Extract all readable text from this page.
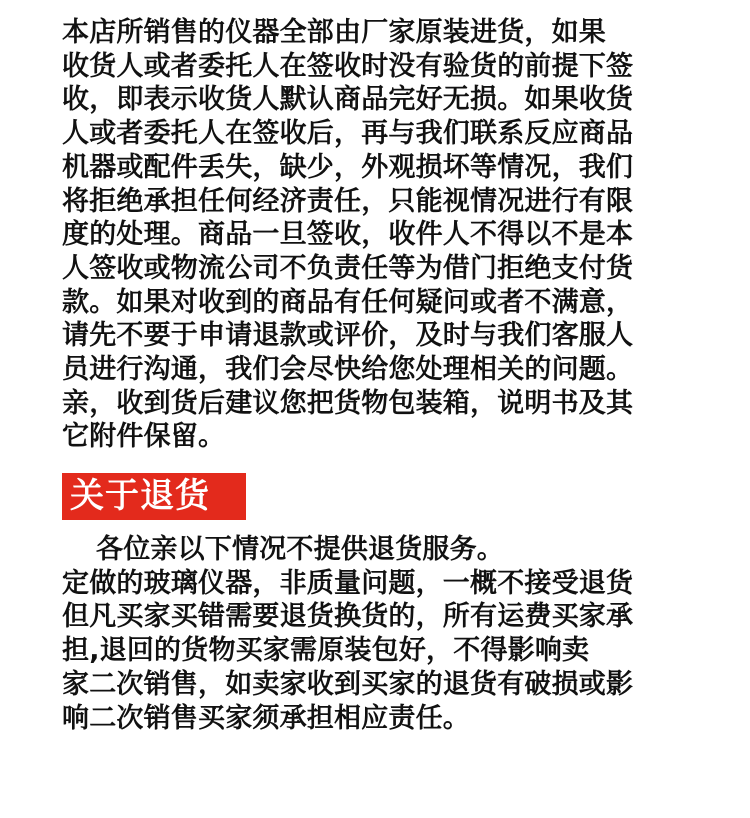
本店所销售的仪器全部由厂家原装进货，如果
收货人或者委托人在签收时没有验货的前提下签
收，即表示收货人默认商品完好无损。如果收货
人或者委托人在签收后，再与我们联系反应商品
机器或配件丢失，缺少，外观损坏等情况，我们
将拒绝承担任何经济责任，只能视情况进行有限
度的处理。商品一旦签收，收件人不得以不是本
人签收或物流公司不负责任等为借门拒绝支付货
款。如果对收到的商品有任何疑问或者不满意，
请先不要于申请退款或评价，及时与我们客服人
员进行沟通，我们会尽快给您处理相关的问题。
亲，收到货后建议您把货物包装箱，说明书及其
它附件保留。
关于退货
各位亲以下情况不提供退货服务。
定做的玻璃仪器，非质量问题，一概不接受退货
但凡买家买错需要退货换货的，所有运费买家承
担,退回的货物买家需原装包好，不得影响卖
家二次销售，如卖家收到买家的退货有破损或影
响二次销售买家须承担相应责任。
